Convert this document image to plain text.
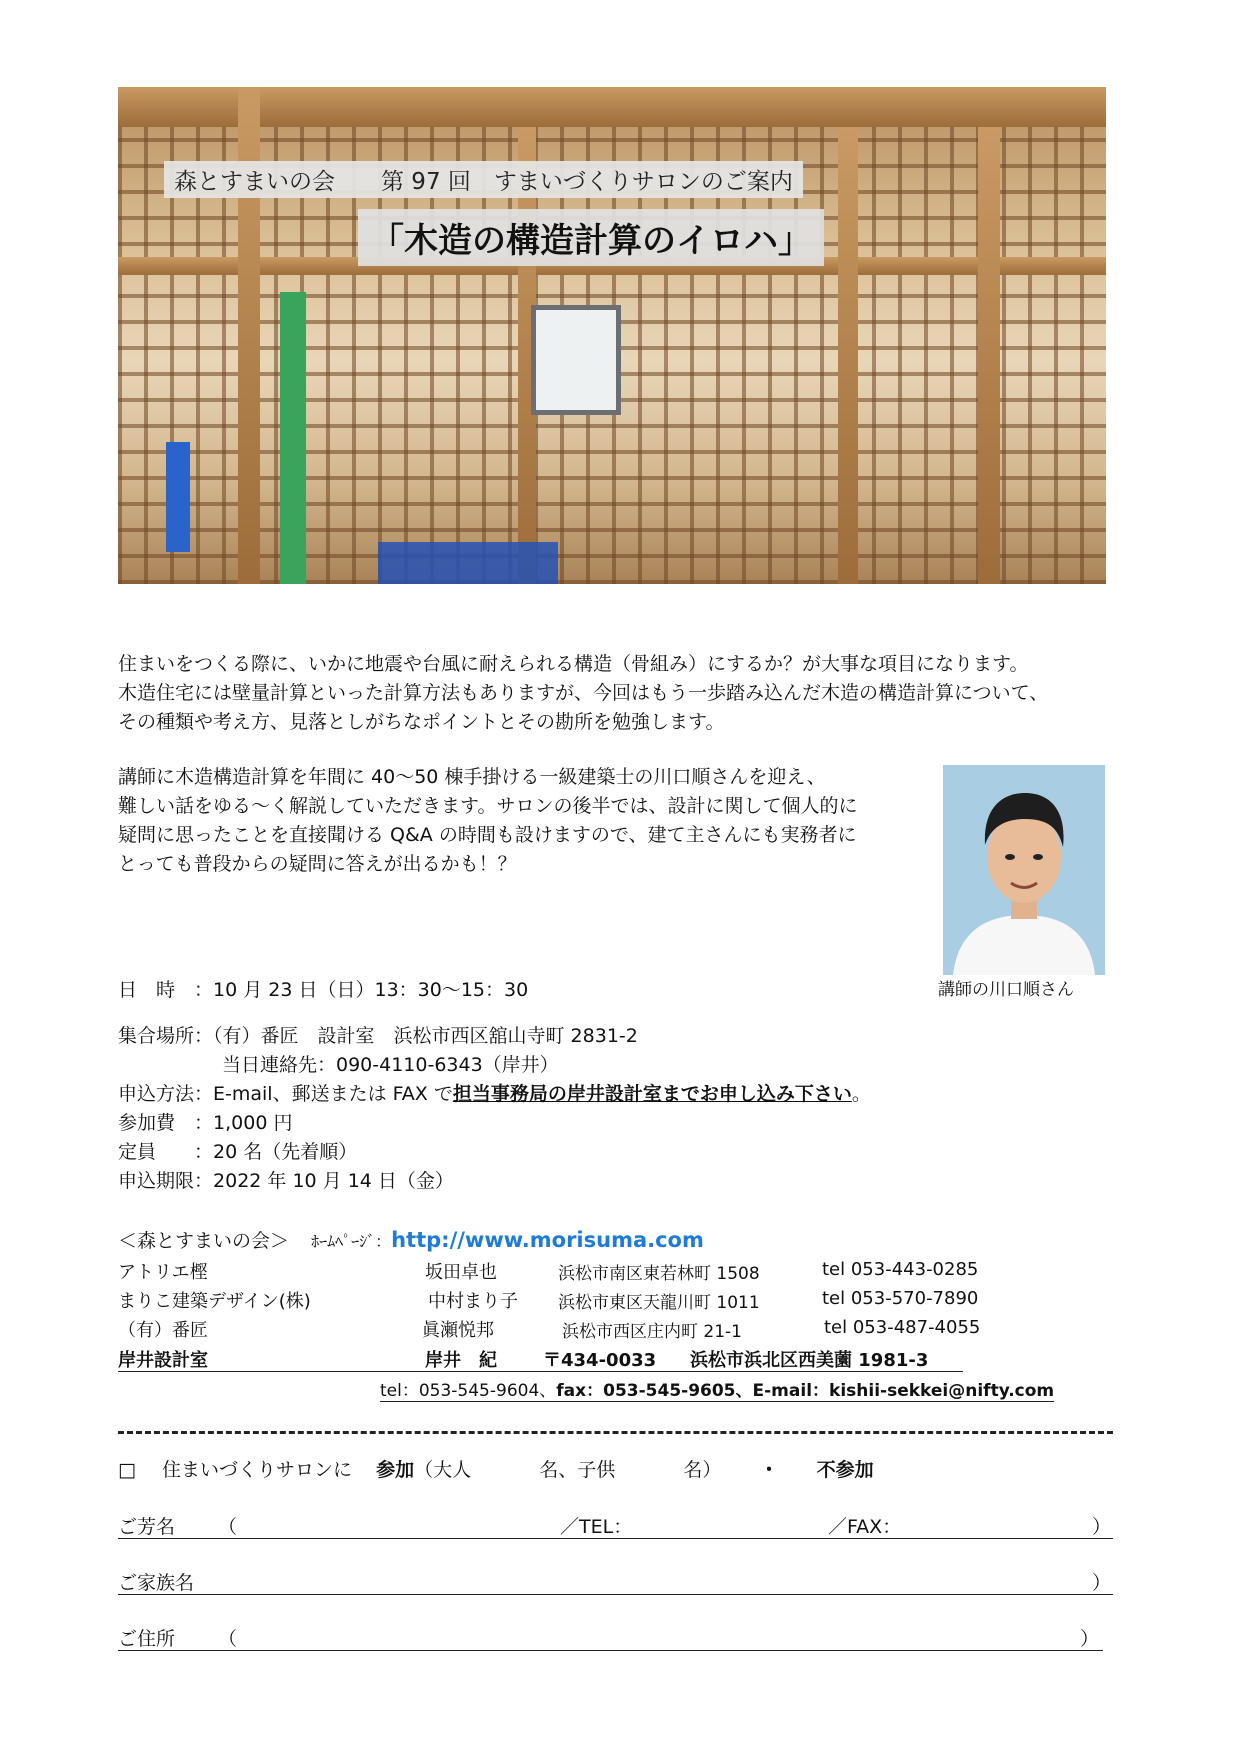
森とすまいの会　　第 97 回　すまいづくりサロンのご案内
「木造の構造計算のイロハ」
住まいをつくる際に、いかに地震や台風に耐えられる構造（骨組み）にするか？が大事な項目になります。
木造住宅には壁量計算といった計算方法もありますが、今回はもう一歩踏み込んだ木造の構造計算について、
その種類や考え方、見落としがちなポイントとその勘所を勉強します。
講師に木造構造計算を年間に 40～50 棟手掛ける一級建築士の川口順さんを迎え、
難しい話をゆる～く解説していただきます。サロンの後半では、設計に関して個人的に
疑問に思ったことを直接聞ける Q&A の時間も設けますので、建て主さんにも実務者に
とっても普段からの疑問に答えが出るかも！？
講師の川口順さん
日　時　：10 月 23 日（日）13：30～15：30
集合場所：（有）番匠　設計室　浜松市西区舘山寺町 2831-2
当日連絡先：090-4110-6343（岸井）
申込方法：E-mail、郵送または FAX で担当事務局の岸井設計室までお申し込み下さい。
参加費　：1,000 円
定員　　：20 名（先着順）
申込期限：2022 年 10 月 14 日（金）
＜森とすまいの会＞ ﾎｰﾑﾍﾟｰｼﾞ：http://www.morisuma.com
アトリエ樫	坂田卓也	浜松市南区東若林町 1508	tel 053-443-0285
まりこ建築デザイン(株)	中村まり子 浜松市東区天龍川町 1011	tel 053-570-7890
（有）番匠	眞瀬悦邦	浜松市西区庄内町 21-1	tel 053-487-4055
岸井設計室	岸井　紀	〒434-0033 浜松市浜北区西美薗 1981-3
tel：053-545-9604、fax：053-545-9605、E-mail：kishii-sekkei@nifty.com
□ 住まいづくりサロンに 参加（大人	名、子供	名） ・ 不参加
ご芳名 （	／TEL：	／FAX：	）
ご家族名	）
ご住所 （	）
